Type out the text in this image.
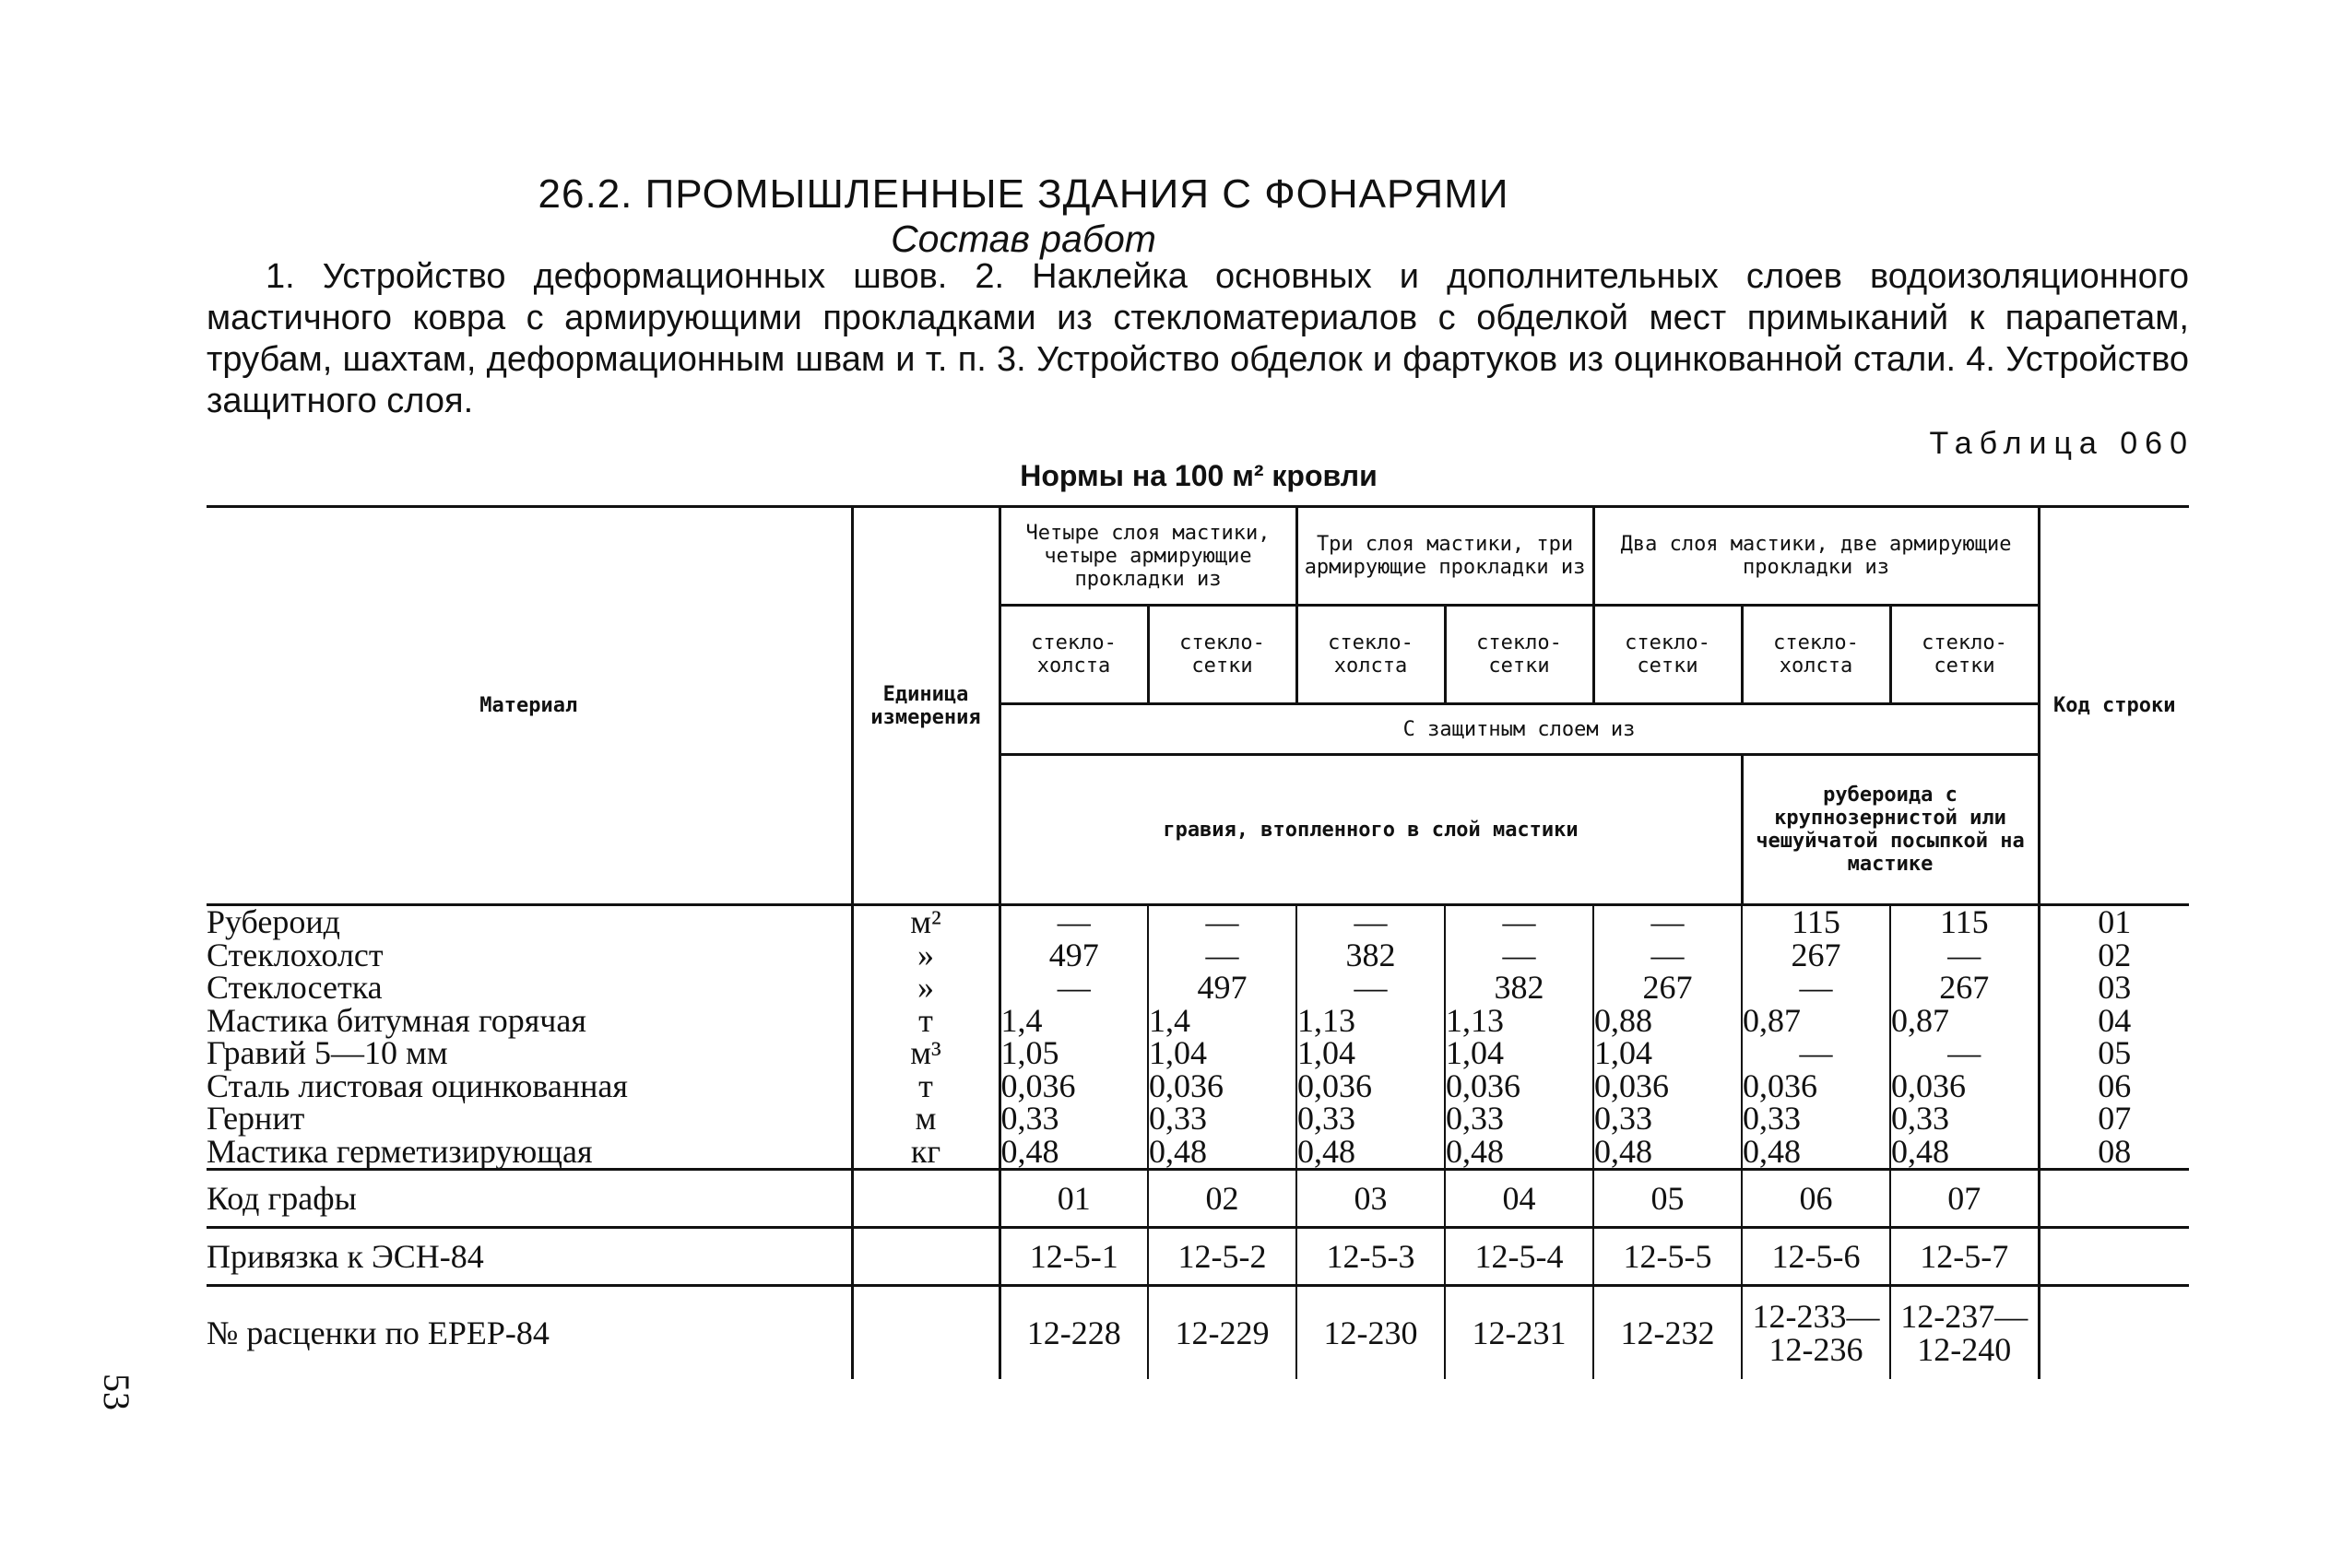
26.2. ПРОМЫШЛЕННЫЕ ЗДАНИЯ С ФОНАРЯМИ
Состав работ
1. Устройство деформационных швов. 2. Наклейка основных и дополнительных слоев водоизоляционного мастичного ковра с армирующими прокладками из стекломатериалов с обделкой мест примыканий к парапетам, трубам, шахтам, деформационным швам и т. п. 3. Устройство обделок и фартуков из оцинкованной стали. 4. Устройство защитного слоя.
Таблица 060
Нормы на 100 м² кровли
Материал	Единица измерения	Четыре слоя мастики, четыре армирующие прокладки из		Три слоя мастики, три армирующие прокладки из		Два слоя мастики, две армирующие прокладки из			Код строки
		стекло-холста	стекло-сетки	стекло-холста	стекло-сетки	стекло-сетки	стекло-холста	стекло-сетки	
		С защитным слоем из							
		гравия, втопленного в слой мастики					рубероида с крупнозернистой или чешуйчатой посыпкой на мастике		
Рубероид	м²	—	—	—	—	—	115	115	01
Стеклохолст	»	497	—	382	—	—	267	—	02
Стеклосетка	»	—	497	—	382	267	—	267	03
Мастика битумная горячая	т	1,4	1,4	1,13	1,13	0,88	0,87	0,87	04
Гравий 5—10 мм	м³	1,05	1,04	1,04	1,04	1,04	—	—	05
Сталь листовая оцинкованная	т	0,036	0,036	0,036	0,036	0,036	0,036	0,036	06
Гернит	м	0,33	0,33	0,33	0,33	0,33	0,33	0,33	07
Мастика герметизирующая	кг	0,48	0,48	0,48	0,48	0,48	0,48	0,48	08
Код графы		01	02	03	04	05	06	07	
Привязка к ЭСН-84		12-5-1	12-5-2	12-5-3	12-5-4	12-5-5	12-5-6	12-5-7	
№ расценки по ЕРЕР-84		12-228	12-229	12-230	12-231	12-232	12-233— 12-236	12-237— 12-240	
53
